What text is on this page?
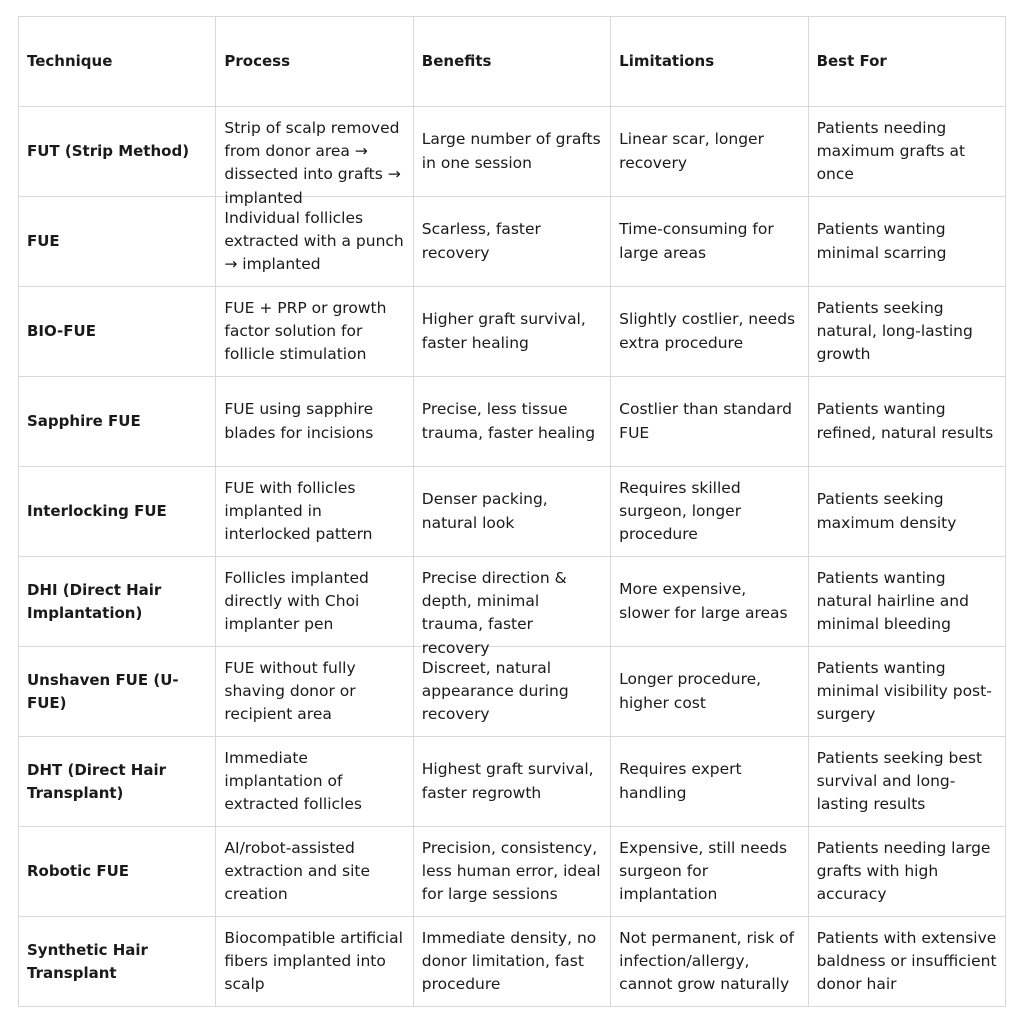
Technique	Process	Benefits	Limitations	Best For
FUT (Strip Method)	Strip of scalp removed from donor area → dissected into grafts → implanted	Large number of grafts in one session	Linear scar, longer recovery	Patients needing maximum grafts at once

FUE	Individual follicles extracted with a punch → implanted	Scarless, faster recovery	Time-consuming for large areas	Patients wanting minimal scarring

BIO-FUE	FUE + PRP or growth factor solution for follicle stimulation	Higher graft survival, faster healing	Slightly costlier, needs extra procedure	Patients seeking natural, long-lasting growth

Sapphire FUE	FUE using sapphire blades for incisions	Precise, less tissue trauma, faster healing	Costlier than standard FUE	Patients wanting refined, natural results

Interlocking FUE	FUE with follicles implanted in interlocked pattern	Denser packing, natural look	Requires skilled surgeon, longer procedure	Patients seeking maximum density

DHI (Direct Hair Implantation)	Follicles implanted directly with Choi implanter pen	Precise direction & depth, minimal trauma, faster recovery	More expensive, slower for large areas	Patients wanting natural hairline and minimal bleeding

Unshaven FUE (U-FUE)	FUE without fully shaving donor or recipient area	Discreet, natural appearance during recovery	Longer procedure, higher cost	Patients wanting minimal visibility post-surgery

DHT (Direct Hair Transplant)	Immediate implantation of extracted follicles	Highest graft survival, faster regrowth	Requires expert handling	Patients seeking best survival and long-lasting results

Robotic FUE	AI/robot-assisted extraction and site creation	Precision, consistency, less human error, ideal for large sessions	Expensive, still needs surgeon for implantation	Patients needing large grafts with high accuracy

Synthetic Hair Transplant	Biocompatible artificial fibers implanted into scalp	Immediate density, no donor limitation, fast procedure	Not permanent, risk of infection/allergy, cannot grow naturally	Patients with extensive baldness or insufficient donor hair
